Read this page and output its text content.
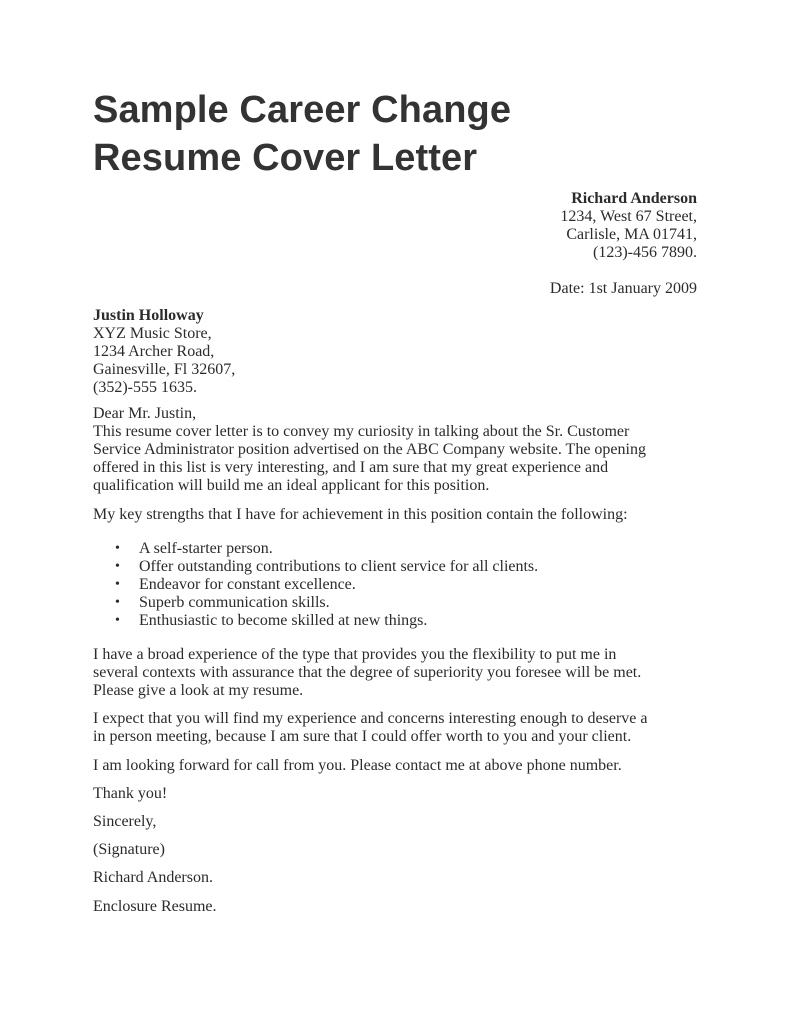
Sample Career Change
Resume Cover Letter
Richard Anderson
1234, West 67 Street,
Carlisle, MA 01741,
(123)-456 7890.
Date: 1st January 2009
Justin Holloway
XYZ Music Store,
1234 Archer Road,
Gainesville, Fl 32607,
(352)-555 1635.

Dear Mr. Justin,

This resume cover letter is to convey my curiosity in talking about the Sr. Customer

Service Administrator position advertised on the ABC Company website. The opening

offered in this list is very interesting, and I am sure that my great experience and

qualification will build me an ideal applicant for this position.

My key strengths that I have for achievement in this position contain the following:
• A self-starter person.
• Offer outstanding contributions to client service for all clients.
• Endeavor for constant excellence.
• Superb communication skills.
• Enthusiastic to become skilled at new things.

I have a broad experience of the type that provides you the flexibility to put me in

several contexts with assurance that the degree of superiority you foresee will be met.

Please give a look at my resume.

I expect that you will find my experience and concerns interesting enough to deserve a

in person meeting, because I am sure that I could offer worth to you and your client.

I am looking forward for call from you. Please contact me at above phone number.
Thank you!
Sincerely,
(Signature)
Richard Anderson.
Enclosure Resume.
